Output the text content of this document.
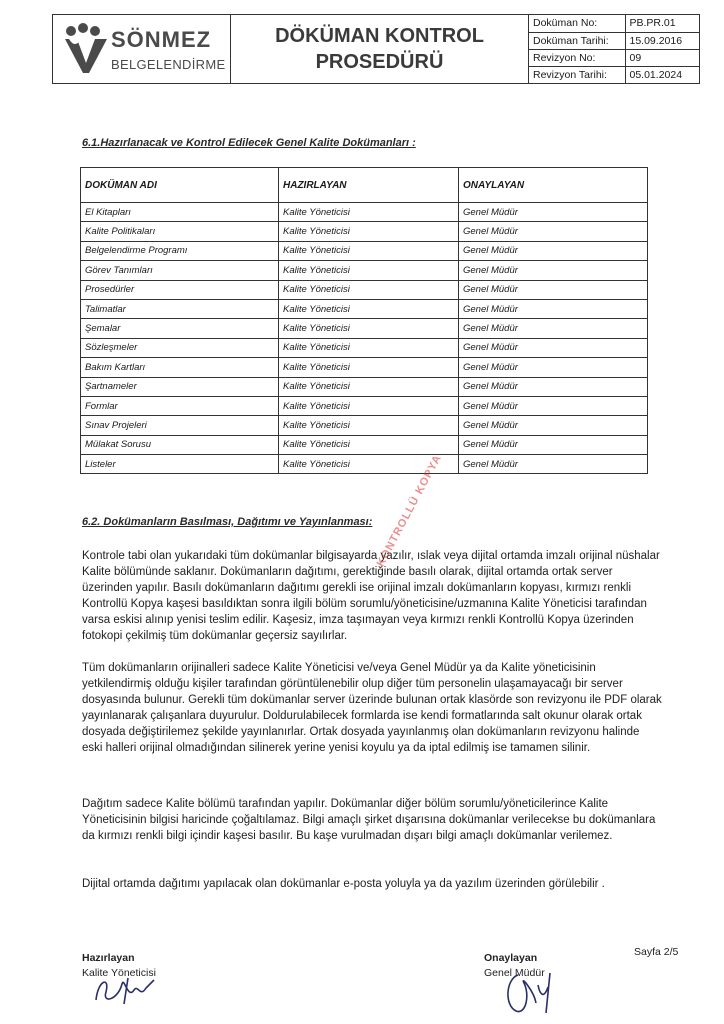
SÖNMEZ
BELGELENDİRME
DÖKÜMAN KONTROL
PROSEDÜRÜ
Doküman No:	PB.PR.01
Doküman Tarihi:	15.09.2016
Revizyon No:	09
Revizyon Tarihi:	05.01.2024
6.1.Hazırlanacak ve Kontrol Edilecek Genel Kalite Dokümanları :
DOKÜMAN ADI	HAZIRLAYAN	ONAYLAYAN
El Kitapları	Kalite Yöneticisi	Genel Müdür
Kalite Politikaları	Kalite Yöneticisi	Genel Müdür
Belgelendirme Programı	Kalite Yöneticisi	Genel Müdür
Görev Tanımları	Kalite Yöneticisi	Genel Müdür
Prosedürler	Kalite Yöneticisi	Genel Müdür
Talimatlar	Kalite Yöneticisi	Genel Müdür
Şemalar	Kalite Yöneticisi	Genel Müdür
Sözleşmeler	Kalite Yöneticisi	Genel Müdür
Bakım Kartları	Kalite Yöneticisi	Genel Müdür
Şartnameler	Kalite Yöneticisi	Genel Müdür
Formlar	Kalite Yöneticisi	Genel Müdür
Sınav Projeleri	Kalite Yöneticisi	Genel Müdür
Mülakat Sorusu	Kalite Yöneticisi	Genel Müdür
Listeler	Kalite Yöneticisi	Genel Müdür
6.2. Dokümanların Basılması, Dağıtımı ve Yayınlanması:
Kontrole tabi olan yukarıdaki tüm dokümanlar bilgisayarda yazılır, ıslak veya dijital ortamda imzalı orijinal nüshalar Kalite bölümünde saklanır. Dokümanların dağıtımı, gerektiğinde basılı olarak, dijital ortamda ortak server üzerinden yapılır. Basılı dokümanların dağıtımı gerekli ise orijinal imzalı dokümanların kopyası, kırmızı renkli Kontrollü Kopya kaşesi basıldıktan sonra ilgili bölüm sorumlu/yöneticisine/uzmanına Kalite Yöneticisi tarafından varsa eskisi alınıp yenisi teslim edilir. Kaşesiz, imza taşımayan veya kırmızı renkli Kontrollü Kopya üzerinden fotokopi çekilmiş tüm dokümanlar geçersiz sayılırlar.
Tüm dokümanların orijinalleri sadece Kalite Yöneticisi ve/veya Genel Müdür ya da Kalite yöneticisinin yetkilendirmiş olduğu kişiler tarafından görüntülenebilir olup diğer tüm personelin ulaşamayacağı bir server dosyasında bulunur. Gerekli tüm dokümanlar server üzerinde bulunan ortak klasörde son revizyonu ile PDF olarak yayınlanarak çalışanlara duyurulur. Doldurulabilecek formlarda ise kendi formatlarında salt okunur olarak ortak dosyada değiştirilemez şekilde yayınlanırlar. Ortak dosyada yayınlanmış olan dokümanların revizyonu halinde eski halleri orijinal olmadığından silinerek yerine yenisi koyulu ya da iptal edilmiş ise tamamen silinir.
Dağıtım sadece Kalite bölümü tarafından yapılır. Dokümanlar diğer bölüm sorumlu/yöneticilerince Kalite Yöneticisinin bilgisi haricinde çoğaltılamaz. Bilgi amaçlı şirket dışarısına dokümanlar verilecekse bu dokümanlara da kırmızı renkli bilgi içindir kaşesi basılır. Bu kaşe vurulmadan dışarı bilgi amaçlı dokümanlar verilemez.
Dijital ortamda dağıtımı yapılacak olan dokümanlar e-posta yoluyla ya da yazılım üzerinden görülebilir .
KONTROLLÜ KOPYA
Hazırlayan
Kalite Yöneticisi
Onaylayan
Genel Müdür
Sayfa 2/5
